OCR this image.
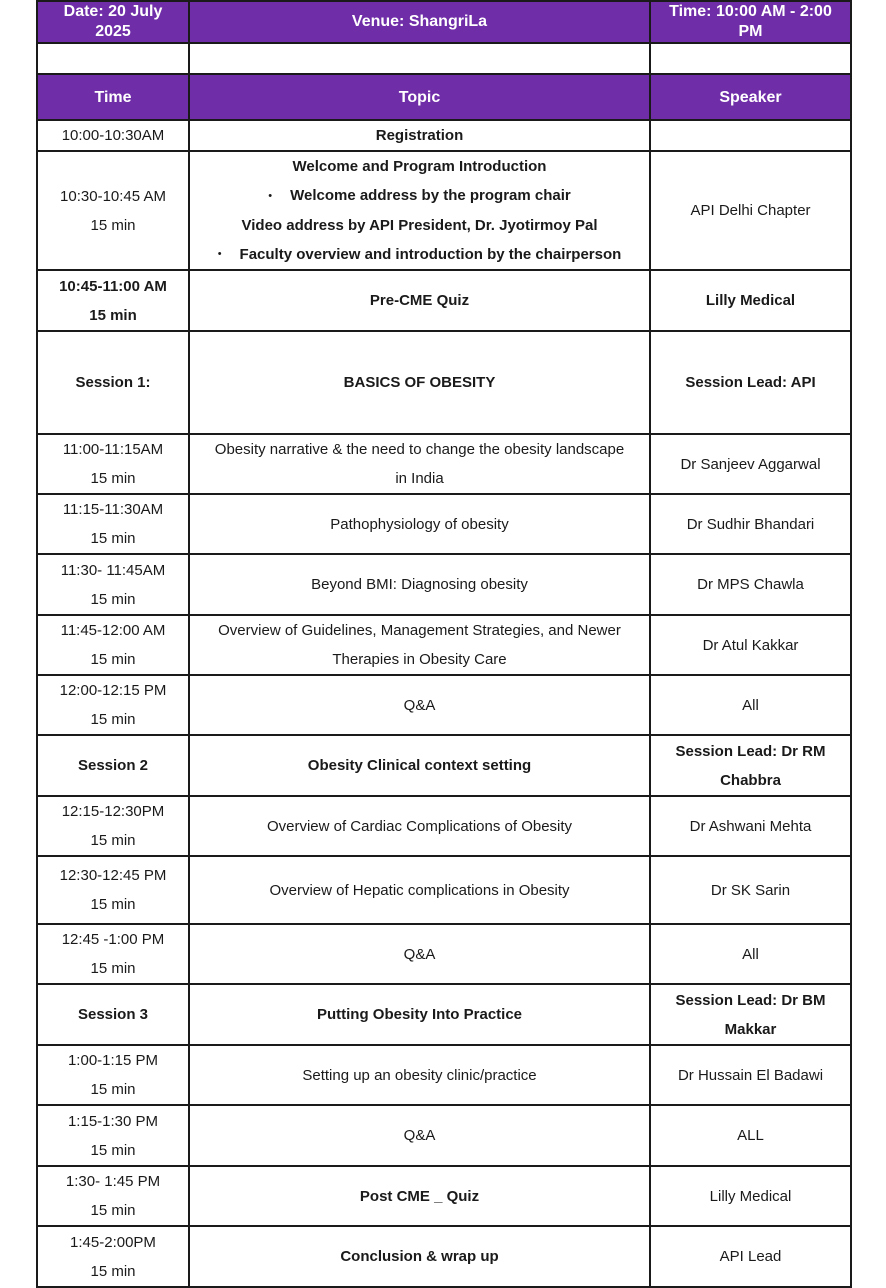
Date: 20 July 2025	Venue: ShangriLa	Time: 10:00 AM - 2:00 PM

Time	Topic	Speaker

10:00-10:30AM	Registration	

10:30-10:45 AM
15 min	Welcome and Program Introduction
• Welcome address by the program chair
Video address by API President, Dr. Jyotirmoy Pal
• Faculty overview and introduction by the chairperson	API Delhi Chapter

10:45-11:00 AM
15 min	Pre-CME Quiz	Lilly Medical

Session 1:	BASICS OF OBESITY	Session Lead: API

11:00-11:15AM
15 min	Obesity narrative & the need to change the obesity landscape
in India	Dr Sanjeev Aggarwal

11:15-11:30AM
15 min	Pathophysiology of obesity	Dr Sudhir Bhandari

11:30- 11:45AM
15 min	Beyond BMI: Diagnosing obesity	Dr MPS Chawla

11:45-12:00 AM
15 min	Overview of Guidelines, Management Strategies, and Newer
Therapies in Obesity Care	Dr Atul Kakkar

12:00-12:15 PM
15 min	Q&A	All

Session 2	Obesity Clinical context setting	Session Lead: Dr RM
Chabbra

12:15-12:30PM
15 min	Overview of Cardiac Complications of Obesity	Dr Ashwani Mehta

12:30-12:45 PM
15 min	Overview of Hepatic complications in Obesity	Dr SK Sarin

12:45 -1:00 PM
15 min	Q&A	All

Session 3	Putting Obesity Into Practice	Session Lead: Dr BM
Makkar

1:00-1:15 PM
15 min	Setting up an obesity clinic/practice	Dr Hussain El Badawi

1:15-1:30 PM
15 min	Q&A	ALL

1:30- 1:45 PM
15 min	Post CME _ Quiz	Lilly Medical

1:45-2:00PM
15 min	Conclusion & wrap up	API Lead
